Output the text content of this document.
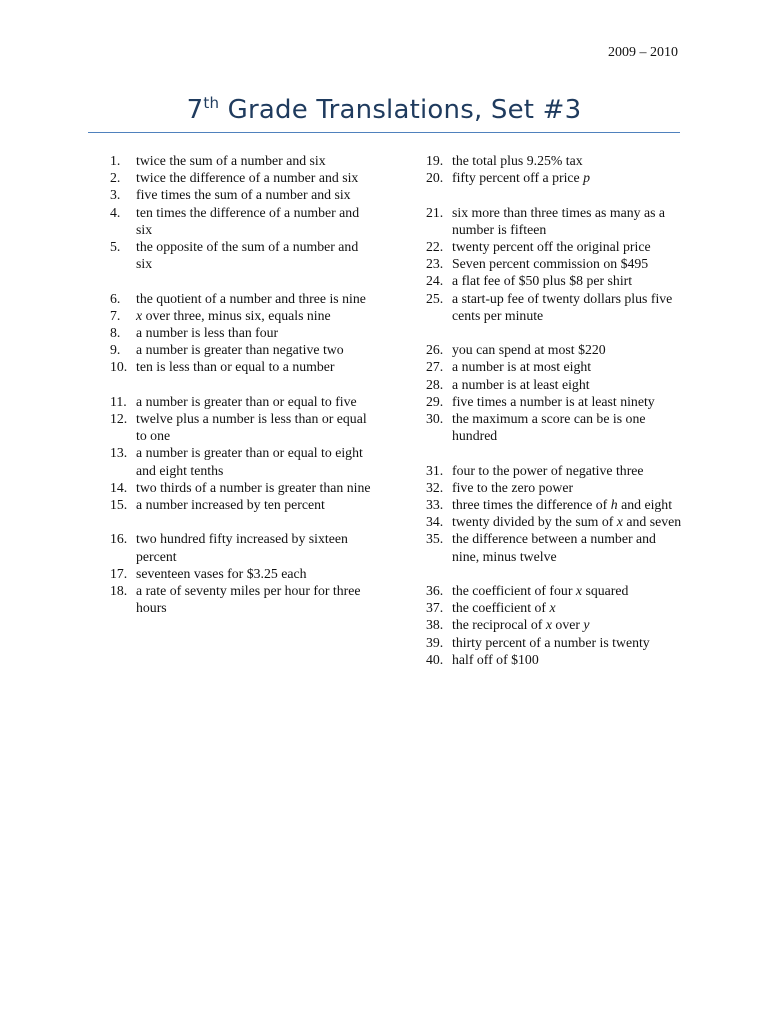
2009 – 2010
7th Grade Translations, Set #3
1.	twice the sum of a number and six
2.	twice the difference of a number and six
3.	five times the sum of a number and six
4.	ten times the difference of a number and six
5.	the opposite of the sum of a number and six
6.	the quotient of a number and three is nine
7.	x over three, minus six, equals nine
8.	a number is less than four
9.	a number is greater than negative two
10. ten is less than or equal to a number
11. a number is greater than or equal to five
12. twelve plus a number is less than or equal to one
13. a number is greater than or equal to eight and eight tenths
14. two thirds of a number is greater than nine
15. a number increased by ten percent
16. two hundred fifty increased by sixteen percent
17. seventeen vases for $3.25 each
18. a rate of seventy miles per hour for three hours
19. the total plus 9.25% tax
20. fifty percent off a price p
21. six more than three times as many as a number is fifteen
22. twenty percent off the original price
23. Seven percent commission on $495
24. a flat fee of $50 plus $8 per shirt
25. a start-up fee of twenty dollars plus five cents per minute
26. you can spend at most $220
27. a number is at most eight
28. a number is at least eight
29. five times a number is at least ninety
30. the maximum a score can be is one hundred
31. four to the power of negative three
32. five to the zero power
33. three times the difference of h and eight
34. twenty divided by the sum of x and seven
35. the difference between a number and nine, minus twelve
36. the coefficient of four x squared
37. the coefficient of x
38. the reciprocal of x over y
39. thirty percent of a number is twenty
40. half off of $100
